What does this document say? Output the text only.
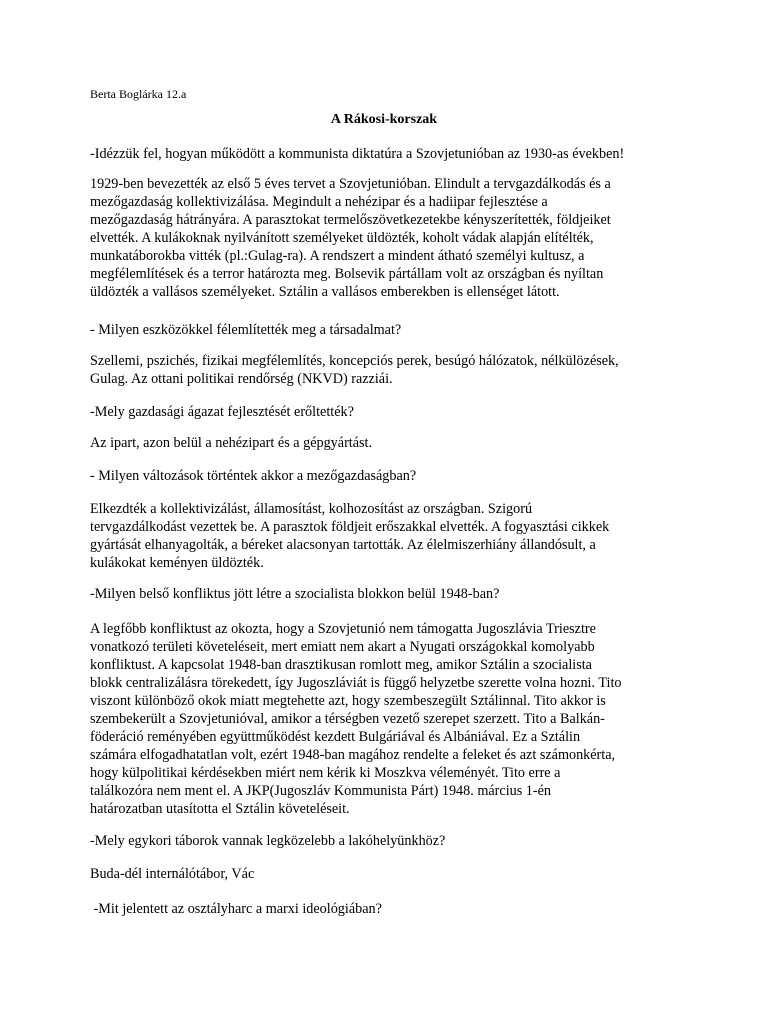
Berta Boglárka 12.a
A Rákosi-korszak
-Idézzük fel, hogyan működött a kommunista diktatúra a Szovjetunióban az 1930-as években!
1929-ben bevezették az első 5 éves tervet a Szovjetunióban. Elindult a tervgazdálkodás és a
mezőgazdaság kollektivizálása. Megindult a nehézipar és a hadiipar fejlesztése a
mezőgazdaság hátrányára. A parasztokat termelőszövetkezetekbe kényszerítették, földjeiket
elvették. A kulákoknak nyilvánított személyeket üldözték, koholt vádak alapján elítélték,
munkatáborokba vitték (pl.:Gulag-ra). A rendszert a mindent átható személyi kultusz, a
megfélemlítések és a terror határozta meg. Bolsevik pártállam volt az országban és nyíltan
üldözték a vallásos személyeket. Sztálin a vallásos emberekben is ellenséget látott.
- Milyen eszközökkel félemlítették meg a társadalmat?
Szellemi, pszichés, fizikai megfélemlítés, koncepciós perek, besúgó hálózatok, nélkülözések,
Gulag. Az ottani politikai rendőrség (NKVD) razziái.
-Mely gazdasági ágazat fejlesztését erőltették?
Az ipart, azon belül a nehézipart és a gépgyártást.
- Milyen változások történtek akkor a mezőgazdaságban?
Elkezdték a kollektivizálást, államosítást, kolhozosítást az országban. Szigorú
tervgazdálkodást vezettek be. A parasztok földjeit erőszakkal elvették. A fogyasztási cikkek
gyártását elhanyagolták, a béreket alacsonyan tartották. Az élelmiszerhiány állandósult, a
kulákokat keményen üldözték.
-Milyen belső konfliktus jött létre a szocialista blokkon belül 1948-ban?
A legfőbb konfliktust az okozta, hogy a Szovjetunió nem támogatta Jugoszlávia Triesztre
vonatkozó területi követeléseit, mert emiatt nem akart a Nyugati országokkal komolyabb
konfliktust. A kapcsolat 1948-ban drasztikusan romlott meg, amikor Sztálin a szocialista
blokk centralizálásra törekedett, így Jugoszláviát is függő helyzetbe szerette volna hozni. Tito
viszont különböző okok miatt megtehette azt, hogy szembeszegült Sztálinnal. Tito akkor is
szembekerült a Szovjetunióval, amikor a térségben vezető szerepet szerzett. Tito a Balkán-
föderáció reményében együttműködést kezdett Bulgáriával és Albániával. Ez a Sztálin
számára elfogadhatatlan volt, ezért 1948-ban magához rendelte a feleket és azt számonkérta,
hogy külpolitikai kérdésekben miért nem kérik ki Moszkva véleményét. Tito erre a
találkozóra nem ment el. A JKP(Jugoszláv Kommunista Párt) 1948. március 1-én
határozatban utasította el Sztálin követeléseit.
-Mely egykori táborok vannak legközelebb a lakóhelyünkhöz?
Buda-dél internálótábor, Vác
-Mit jelentett az osztályharc a marxi ideológiában?
